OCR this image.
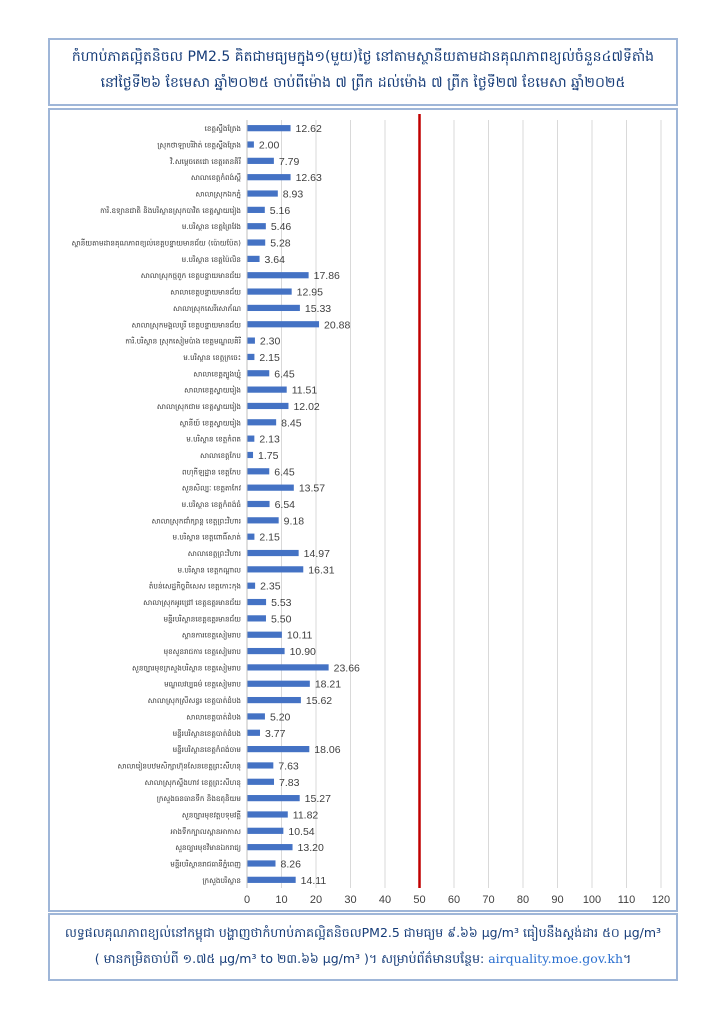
កំហាប់ភាគល្អិតនិចល PM2.5 គិតជាមធ្យមក្នុង១(មួយ)ថ្ងៃ នៅតាមស្ថានីយតាមដានគុណភាពខ្យល់ចំនួន៤៧ទីតាំង
នៅថ្ងៃទី២៦ ខែមេសា ឆ្នាំ២០២៥ ចាប់ពីម៉ោង ៧ ព្រឹក ដល់ម៉ោង ៧ ព្រឹក ថ្ងៃទី២៧ ខែមេសា ឆ្នាំ២០២៥
0 10 20 30 40 50 60 70 80 90 100 110 120
ខេត្តស្ទឹងត្រែង	12.62
ស្រុកថាឡាបរិវ៉ាត់ ខេត្តស្ទឹងត្រែង 2.00
វិ.សម្តេចតេជោ ខេត្តរតនគិរី	7.79
សាលាខេត្តកំពង់ស្ពឺ	12.63
សាលាស្រុកឯកភ្នំ	8.93
ការិ.ឧទ្យានជាតិ និងបរិស្ថានស្រុកបាវិត ខេត្តស្វាយរៀង	5.16
ម.បរិស្ថាន ខេត្តព្រៃវែង	5.46
ស្ថានីយតាមដានគុណភាពខ្យល់ខេត្តបន្ទាយមានជ័យ (ប៉ោយប៉ែត)	5.28
ម.បរិស្ថាន ខេត្តប៉ៃលិន 3.64
សាលាស្រុកថ្មពួក ខេត្តបន្ទាយមានជ័យ	17.86
សាលាខេត្តបន្ទាយមានជ័យ	12.95
សាលាស្រុកសេរីសោភ័ណ	15.33
សាលាស្រុកមង្គលបូរី ខេត្តបន្ទាយមានជ័យ	20.88
ការិ.បរិស្ថាន ស្រុកសៀមប៉ាង ខេត្តមណ្ឌលគិរី 2.30
ម.បរិស្ថាន ខេត្តក្រចេះ 2.15
សាលាខេត្តត្បូងឃ្មុំ	6.45
សាលាខេត្តស្វាយរៀង	11.51
សាលាស្រុកជាម ខេត្តស្វាយរៀង	12.02
ស្ថានីយ៍ ខេត្តស្វាយរៀង	8.45
ម.បរិស្ថាន ខេត្តកំពត 2.13
សាលាខេត្តកែប 1.75
ពហុកីឡដ្ឋាន ខេត្តកែប	6.45
សួនសិល្បៈ ខេត្តតាកែវ	13.57
ម.បរិស្ថាន ខេត្តកំពង់ធំ	6.54
សាលាស្រុកជាំក្សាន្ត ខេត្តព្រះវិហារ	9.18
ម.បរិស្ថាន ខេត្តពោធិ៍សាត់ 2.15
សាលាខេត្តព្រះវិហារ	14.97
ម.បរិស្ថាន ខេត្តកណ្តាល	16.31
តំបន់សេដ្ឋកិច្ចពិសេស ខេត្តកោះកុង 2.35
សាលាស្រុកអូរជ្រៅ ខេត្តឧត្តរមានជ័យ	5.53
មន្ទីរបរិស្ថានខេត្តឧត្តរមានជ័យ	5.50
ស្ថានការខេត្តសៀមរាប	10.11
មុខសួនរាជការ ខេត្តសៀមរាប	10.90
សួនច្បារមុខក្រសួងបរិស្ថាន ខេត្តសៀមរាប	23.66
មណ្ឌលវប្បធម៌ ខេត្តសៀមរាប	18.21
សាលាស្រុកស្រីសន្ធរ ខេត្តបាត់ដំបង	15.62
សាលាខេត្តបាត់ដំបង	5.20
មន្ទីរបរិស្ថានខេត្តបាត់ដំបង 3.77
មន្ទីរបរិស្ថានខេត្តកំពង់ចាម	18.06
សាលារៀនបឋមសិក្សាហ៊ុនសែនខេត្តព្រះសីហនុ	7.63
សាលាស្រុកស្ទឹងហាវ ខេត្តព្រះសីហនុ	7.83
ក្រសួងធនធានទឹក និងឧតុនិយម	15.27
សួនច្បារមុខវត្តបទុមវត្តី	11.82
អាងទឹកក្បាលស្ពានអាកាស	10.54
សួនច្បារមុខវិមានឯករាជ្យ	13.20
មន្ទីរបរិស្ថានរាជធានីភ្នំពេញ	8.26
ក្រសួងបរិស្ថាន	14.11
លទ្ធផលគុណភាពខ្យល់នៅកម្ពុជា បង្ហាញថាកំហាប់ភាគល្អិតនិចលPM2.5 ជាមធ្យម ៩.៦៦ µg/m³ ធៀបនឹងស្តង់ដារ ៥០ µg/m³
( មានកម្រិតចាប់ពី ១.៧៥ µg/m³ to ២៣.៦៦ µg/m³ )។ សម្រាប់ព័ត៌មានបន្ថែម: airquality.moe.gov.kh។
